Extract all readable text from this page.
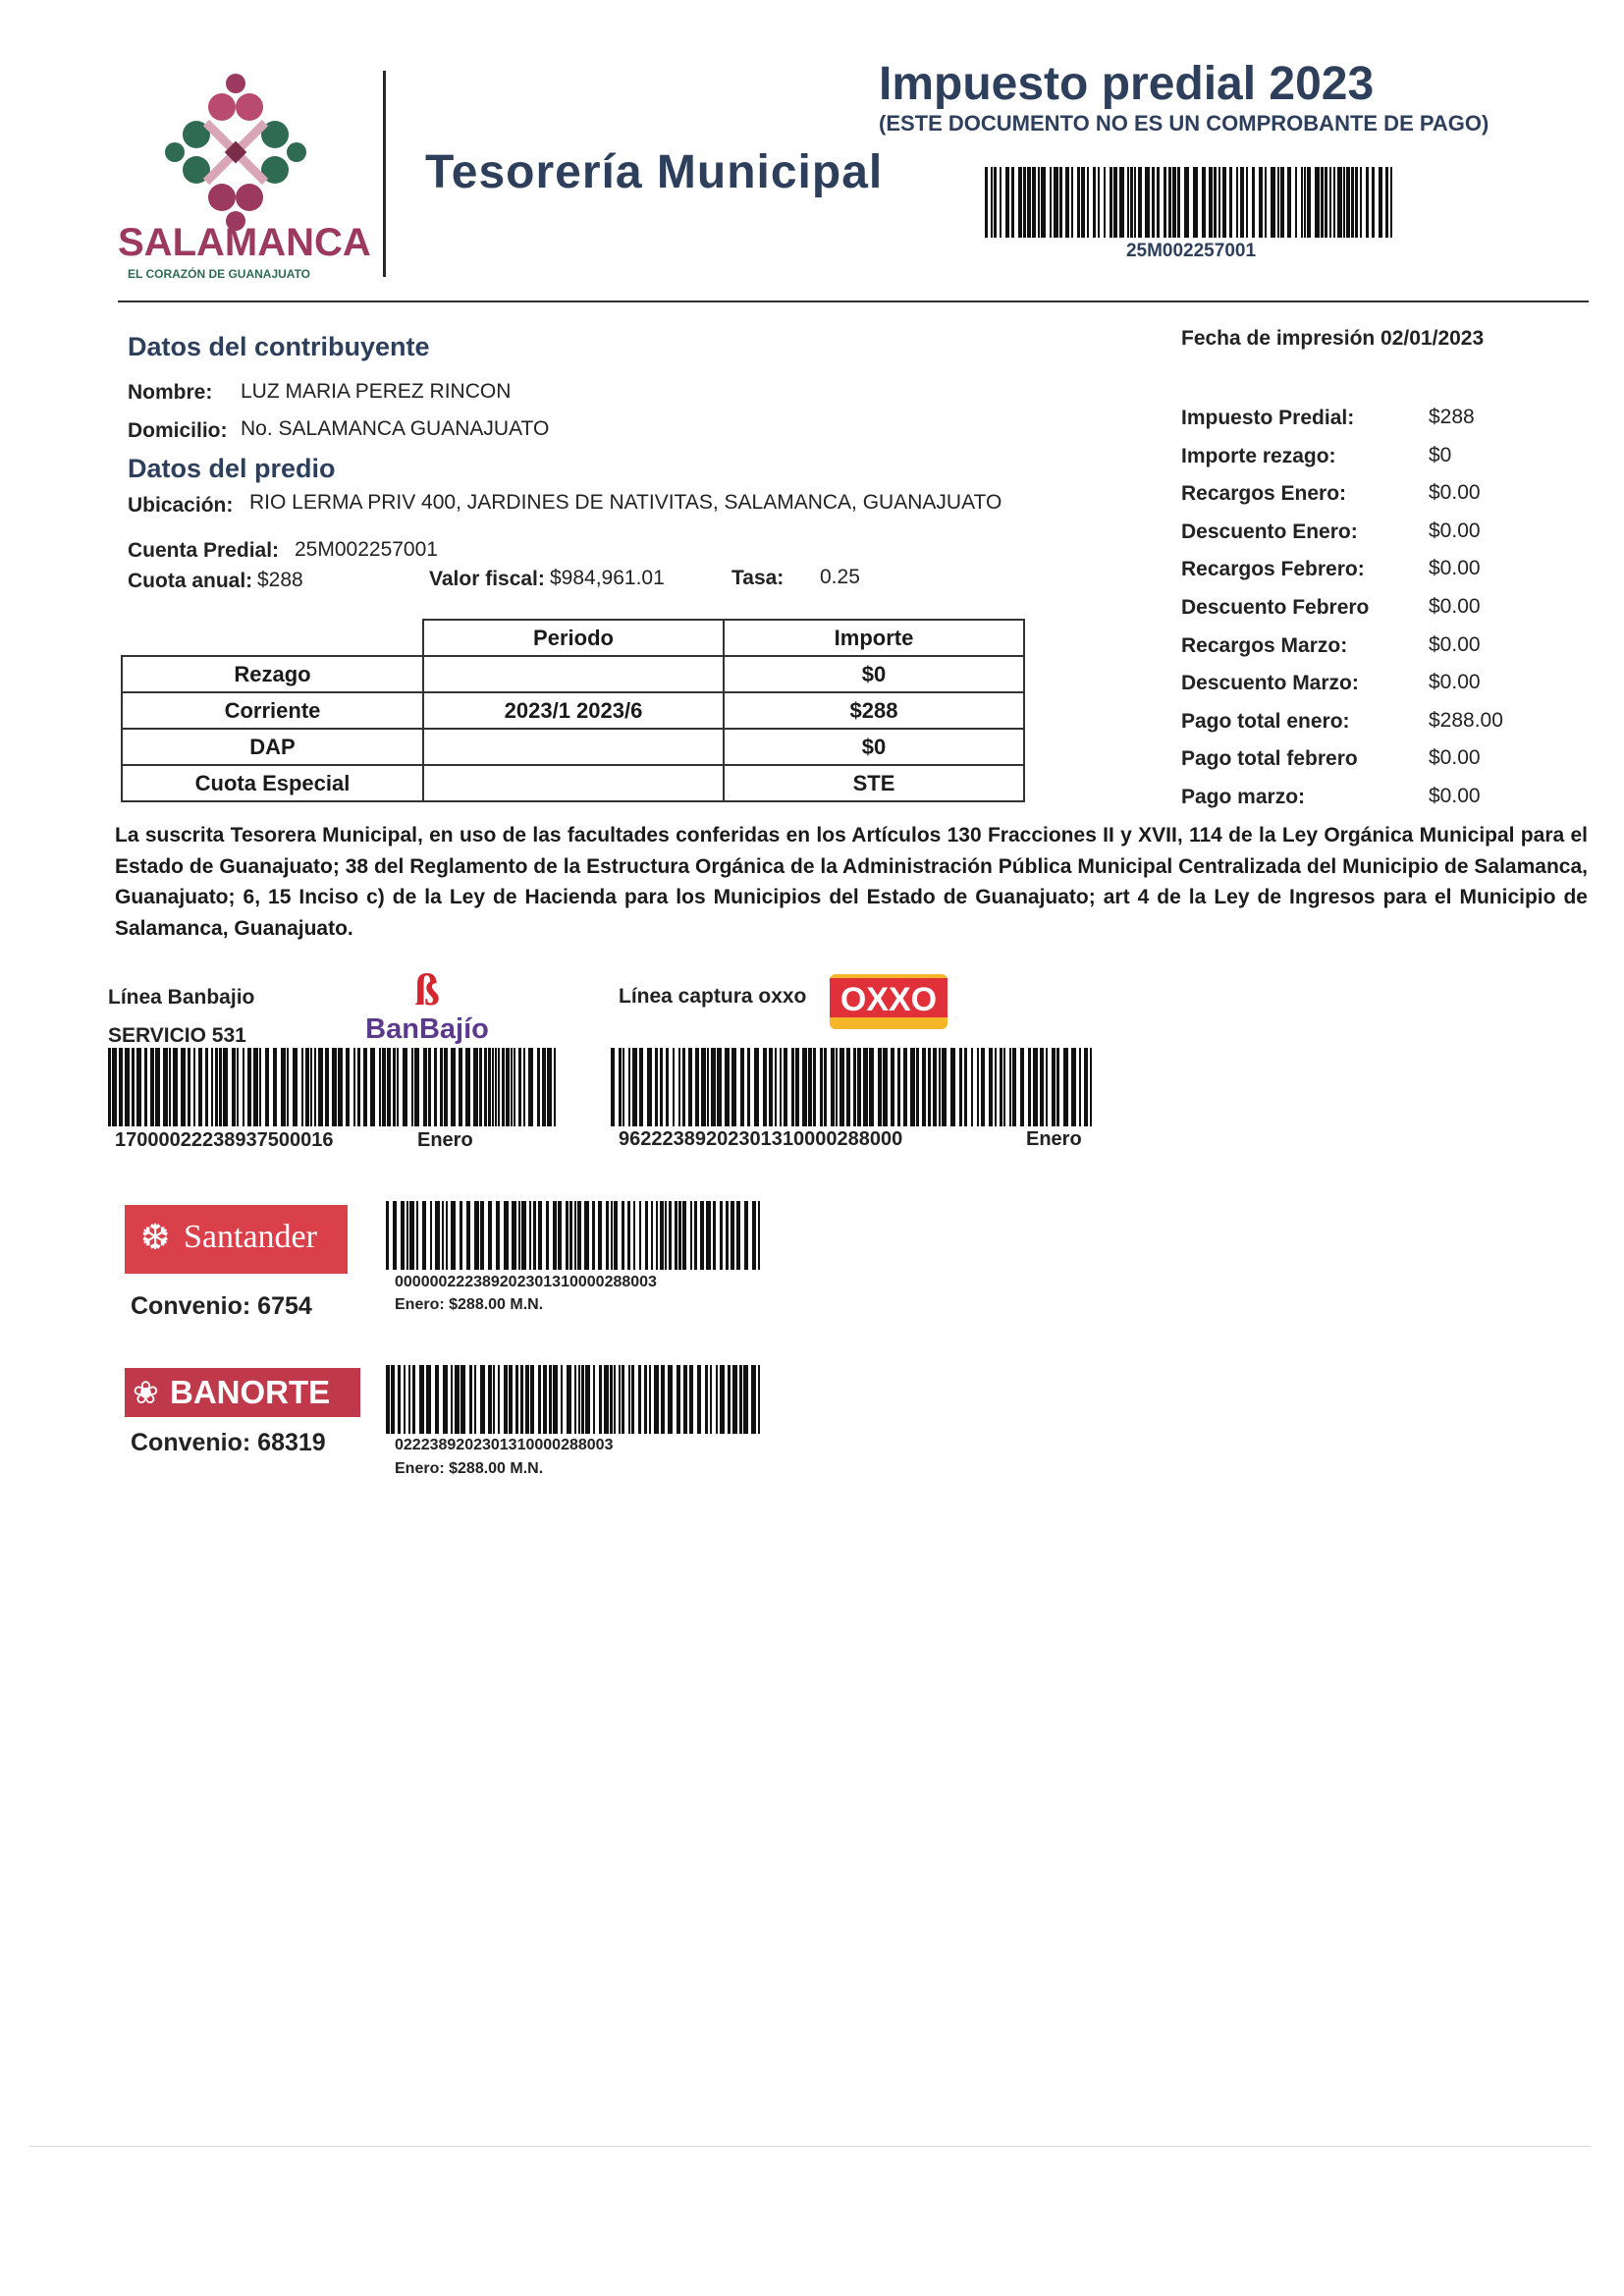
SALAMANCA
EL CORAZÓN DE GUANAJUATO
Tesorería Municipal
Impuesto predial 2023
(ESTE DOCUMENTO NO ES UN COMPROBANTE DE PAGO)
25M002257001
Datos del contribuyente
Nombre: LUZ MARIA PEREZ RINCON
Domicilio: No. SALAMANCA GUANAJUATO
Datos del predio
Ubicación: RIO LERMA PRIV 400, JARDINES DE NATIVITAS, SALAMANCA, GUANAJUATO
Cuenta Predial: 25M002257001
Cuota anual: $288	Valor fiscal: $984,961.01	Tasa: 0.25
Fecha de impresión 02/01/2023
Impuesto Predial:	$288
Importe rezago:	$0
Recargos Enero:	$0.00
Descuento Enero:	$0.00
Recargos Febrero:	$0.00
Descuento Febrero	$0.00
Recargos Marzo:	$0.00
Descuento Marzo:	$0.00
Pago total enero:	$288.00
Pago total febrero	$0.00
Pago marzo:	$0.00
	Periodo	Importe
Rezago		$0
Corriente	2023/1 2023/6	$288
DAP		$0
Cuota Especial		STE
La suscrita Tesorera Municipal, en uso de las facultades conferidas en los Artículos 130 Fracciones II y XVII, 114 de la Ley Orgánica Municipal para el Estado de Guanajuato; 38 del Reglamento de la Estructura Orgánica de la Administración Pública Municipal Centralizada del Municipio de Salamanca, Guanajuato; 6, 15 Inciso c) de la Ley de Hacienda para los Municipios del Estado de Guanajuato; art 4 de la Ley de Ingresos para el Municipio de Salamanca, Guanajuato.
Línea Banbajio
SERVICIO 531
ß
BanBajío
17000022238937500016	Enero
Línea captura oxxo OXXO
9622238920230131000028800​0	Enero
❆ Santander
Convenio: 6754
000000222389202301310000288003
Enero: $288.00 M.N.
❀ BANORTE
Convenio: 68319	0222389202301310000288003
Enero: $288.00 M.N.
